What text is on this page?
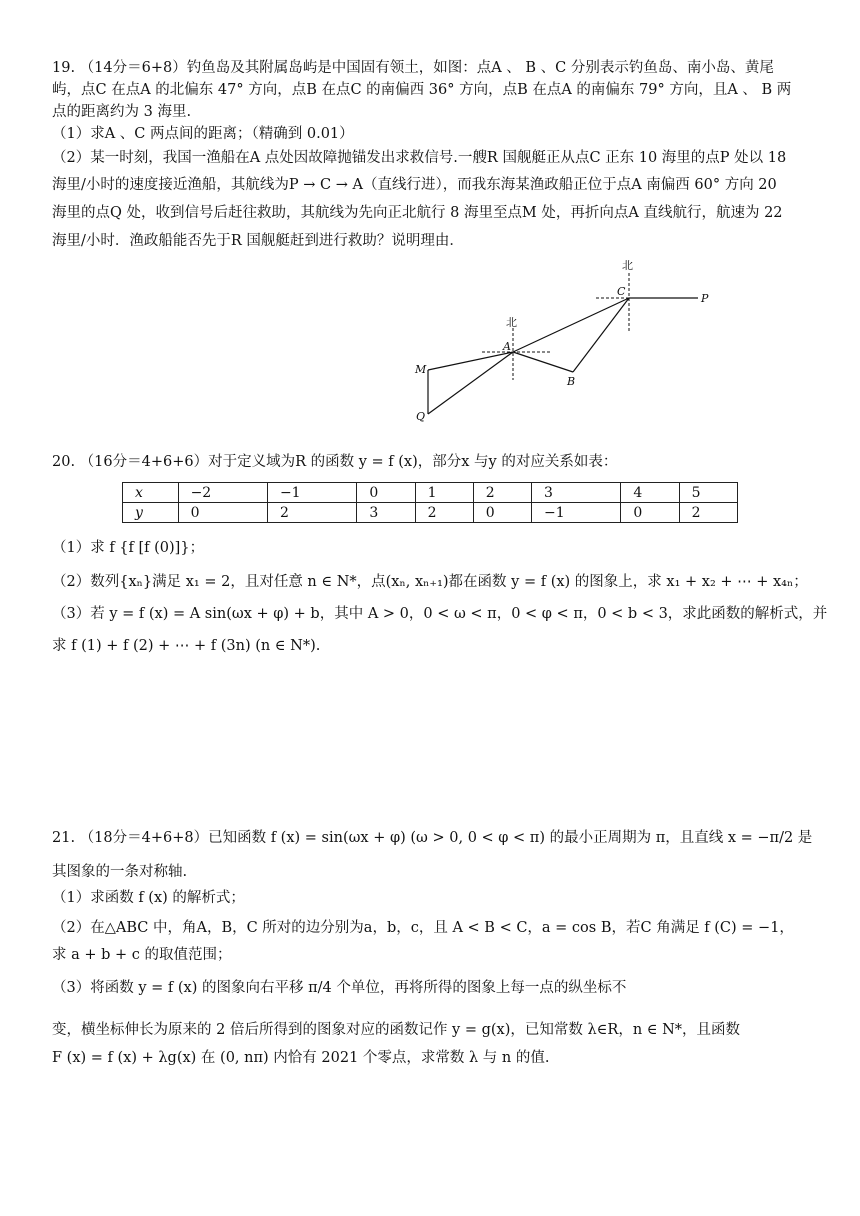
19. （14分＝6+8）钓鱼岛及其附属岛屿是中国固有领土，如图：点A 、 B 、C 分别表示钓鱼岛、南小岛、黄尾
屿，点C 在点A 的北偏东 47° 方向，点B 在点C 的南偏西 36° 方向，点B 在点A 的南偏东 79° 方向，且A 、 B 两
点的距离约为 3 海里.
（1）求A 、C 两点间的距离；（精确到 0.01）
（2）某一时刻，我国一渔船在A 点处因故障抛锚发出求救信号.一艘R 国舰艇正从点C 正东 10 海里的点P 处以 18
海里/小时的速度接近渔船，其航线为P → C → A（直线行进），而我东海某渔政船正位于点A 南偏西 60° 方向 20
海里的点Q 处，收到信号后赶往救助，其航线为先向正北航行 8 海里至点M 处，再折向点A 直线航行，航速为 22
海里/小时．渔政船能否先于R 国舰艇赶到进行救助？说明理由．
北
C
P
北
A
B
M
Q
20. （16分＝4+6+6）对于定义域为R 的函数 y = f (x)，部分x 与y 的对应关系如表：
x	−2	−1	0	1	2	3	4	5
y	0	2	3	2	0	−1	0	2
（1）求 f {f [f (0)]}；
（2）数列{xₙ}满足 x₁ = 2，且对任意 n ∈ N*，点(xₙ, xₙ₊₁)都在函数 y = f (x) 的图象上，求 x₁ + x₂ + ⋯ + x₄ₙ；
（3）若 y = f (x) = A sin(ωx + φ) + b，其中 A > 0，0 < ω < π，0 < φ < π，0 < b < 3，求此函数的解析式，并
求 f (1) + f (2) + ⋯ + f (3n) (n ∈ N*).
21. （18分＝4+6+8）已知函数 f (x) = sin(ωx + φ) (ω > 0, 0 < φ < π) 的最小正周期为 π，且直线 x = −π/2 是
其图象的一条对称轴.
（1）求函数 f (x) 的解析式；
（2）在△ABC 中，角A，B，C 所对的边分别为a，b，c，且 A < B < C，a = cos B，若C 角满足 f (C) = −1，
求 a + b + c 的取值范围；
（3）将函数 y = f (x) 的图象向右平移 π/4 个单位，再将所得的图象上每一点的纵坐标不
变，横坐标伸长为原来的 2 倍后所得到的图象对应的函数记作 y = g(x)，已知常数 λ∈R，n ∈ N*，且函数
F (x) = f (x) + λg(x) 在 (0, nπ) 内恰有 2021 个零点，求常数 λ 与 n 的值.
